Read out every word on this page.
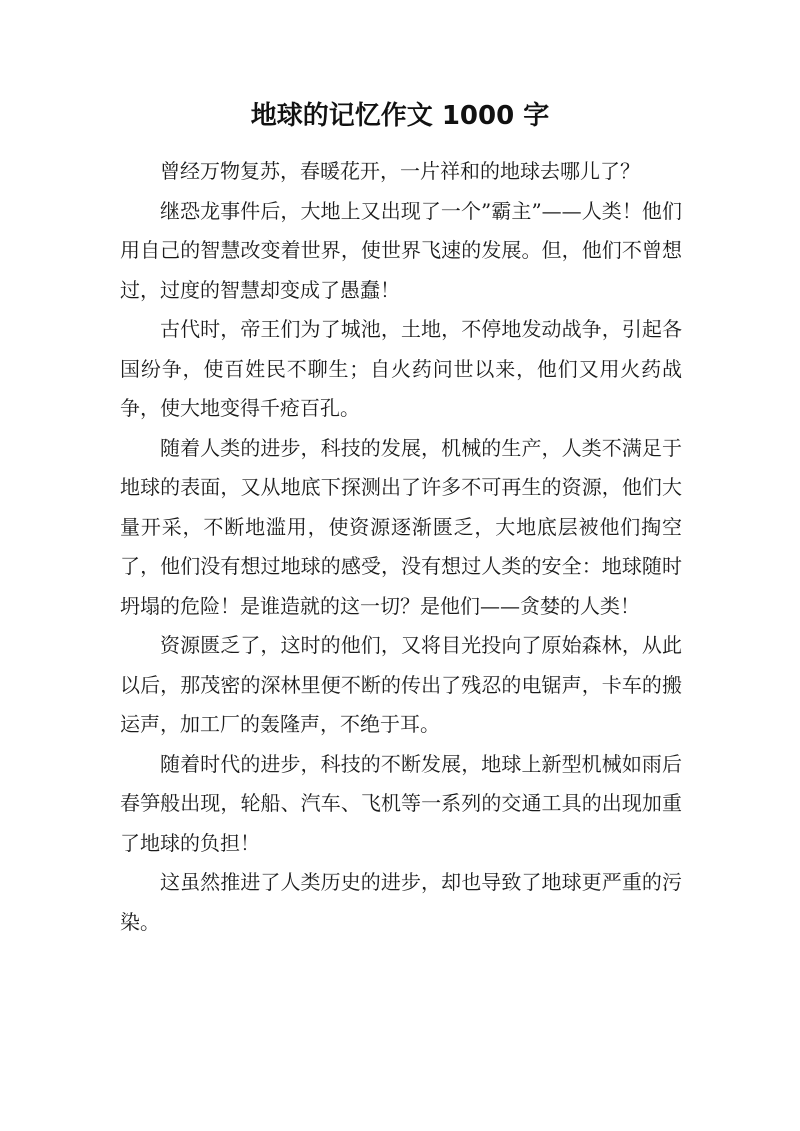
地球的记忆作文 1000 字

曾经万物复苏，春暖花开，一片祥和的地球去哪儿了？

继恐龙事件后，大地上又出现了一个”霸主”——人类！他们用自己的智慧改变着世界，使世界飞速的发展。但，他们不曾想过，过度的智慧却变成了愚蠢！

古代时，帝王们为了城池，土地，不停地发动战争，引起各国纷争，使百姓民不聊生；自火药问世以来，他们又用火药战争，使大地变得千疮百孔。

随着人类的进步，科技的发展，机械的生产，人类不满足于地球的表面，又从地底下探测出了许多不可再生的资源，他们大量开采，不断地滥用，使资源逐渐匮乏，大地底层被他们掏空了，他们没有想过地球的感受，没有想过人类的安全：地球随时坍塌的危险！是谁造就的这一切？是他们——贪婪的人类！

资源匮乏了，这时的他们，又将目光投向了原始森林，从此以后，那茂密的深林里便不断的传出了残忍的电锯声，卡车的搬运声，加工厂的轰隆声，不绝于耳。

随着时代的进步，科技的不断发展，地球上新型机械如雨后春笋般出现，轮船、汽车、飞机等一系列的交通工具的出现加重了地球的负担！

这虽然推进了人类历史的进步，却也导致了地球更严重的污染。
